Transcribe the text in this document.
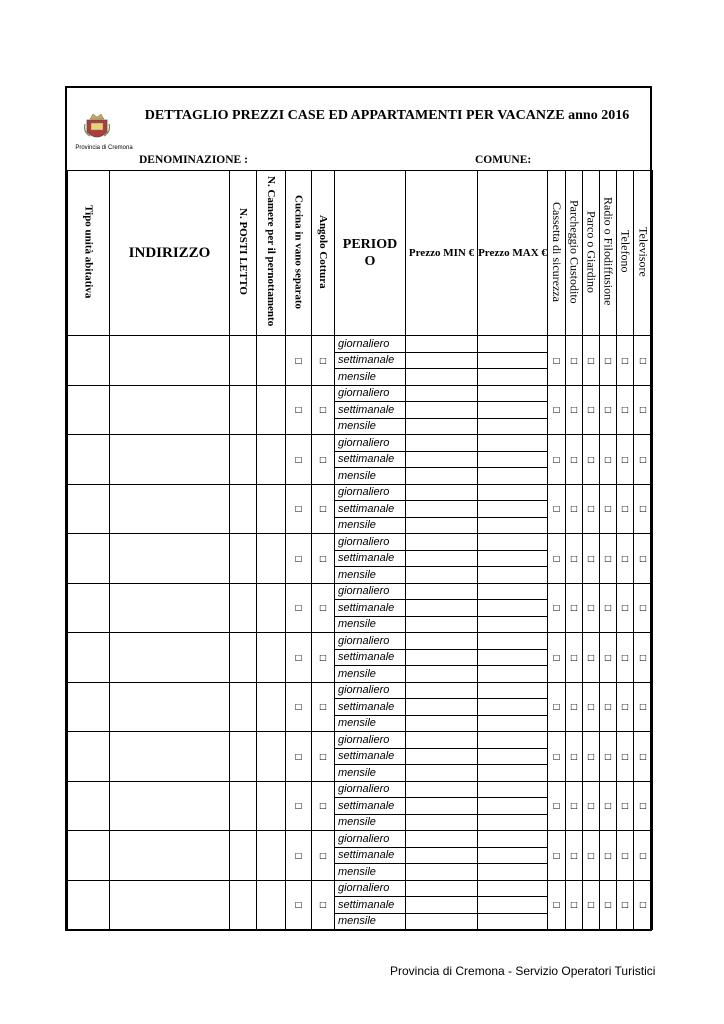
Provincia di Cremona
DETTAGLIO PREZZI CASE ED APPARTAMENTI PER VACANZE anno 2016
DENOMINAZIONE :	COMUNE:
Tipo unità abitativa	INDIRIZZO	N. POSTI LETTO	N. Camere per il pernottamento	Cucina in vano separato	Angolo Cottura	PERIOD O	Prezzo MIN €	Prezzo MAX €	Cassetta di sicurezza	Parcheggio Custodito	Parco o Giardino	Radio o Filodiffusione	Telefono	Televisore
				□	□	giornaliero			□	□	□	□	□	□
						settimanale								
						mensile								
				□	□	giornaliero			□	□	□	□	□	□
						settimanale								
						mensile								
				□	□	giornaliero			□	□	□	□	□	□
						settimanale								
						mensile								
				□	□	giornaliero			□	□	□	□	□	□
						settimanale								
						mensile								
				□	□	giornaliero			□	□	□	□	□	□
						settimanale								
						mensile								
				□	□	giornaliero			□	□	□	□	□	□
						settimanale								
						mensile								
				□	□	giornaliero			□	□	□	□	□	□
						settimanale								
						mensile								
				□	□	giornaliero			□	□	□	□	□	□
						settimanale								
						mensile								
				□	□	giornaliero			□	□	□	□	□	□
						settimanale								
						mensile								
				□	□	giornaliero			□	□	□	□	□	□
						settimanale								
						mensile								
				□	□	giornaliero			□	□	□	□	□	□
						settimanale								
						mensile								
				□	□	giornaliero			□	□	□	□	□	□
						settimanale								
						mensile								
Provincia di Cremona - Servizio Operatori Turistici
